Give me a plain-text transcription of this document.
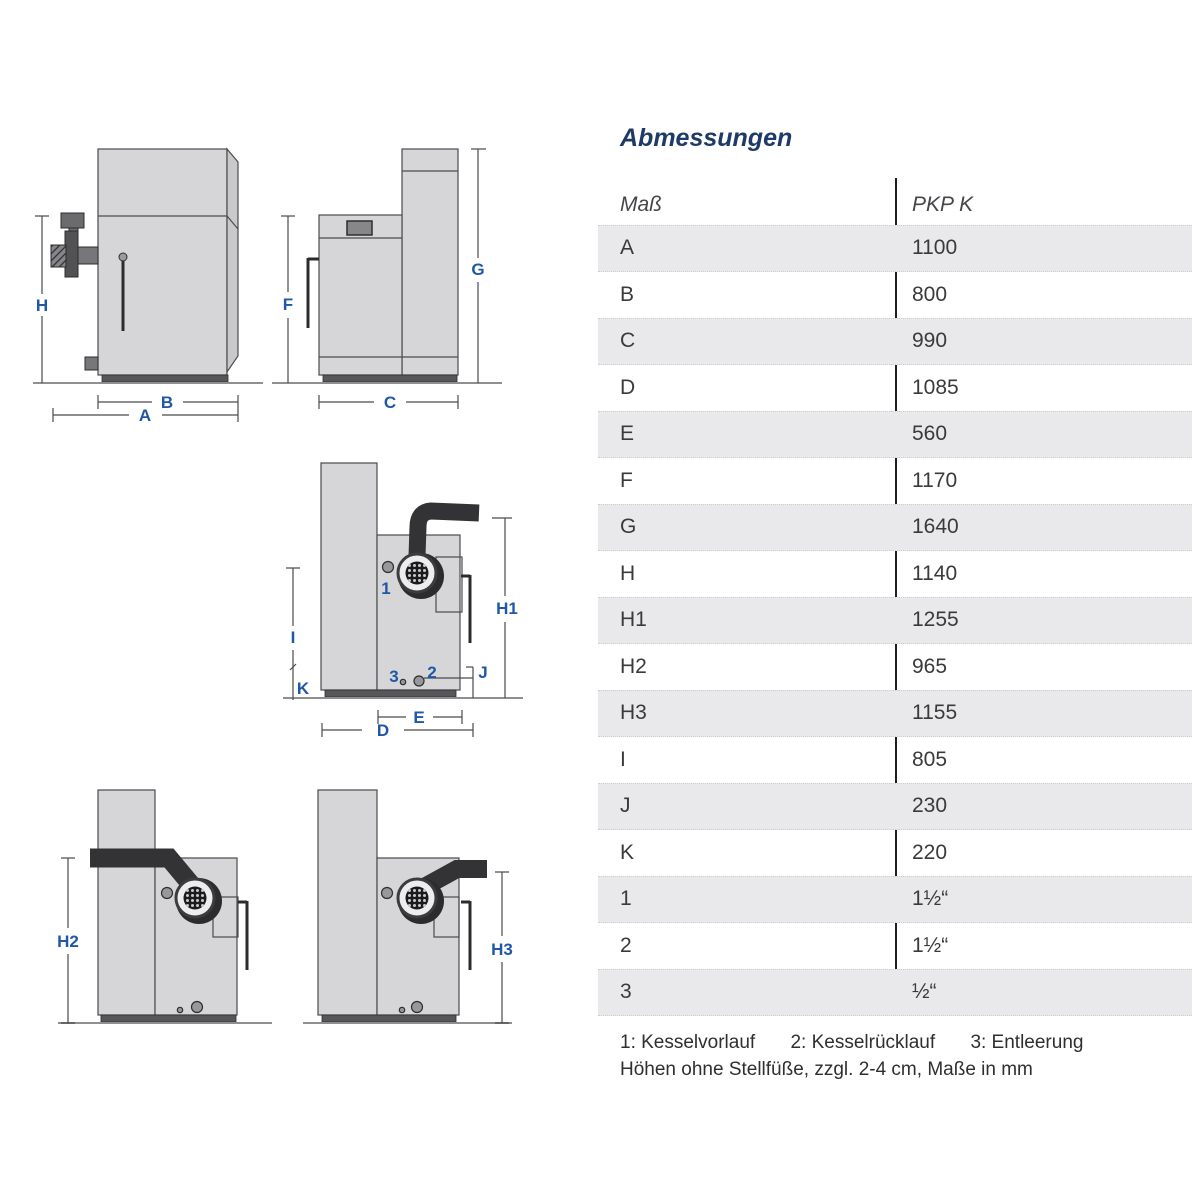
H
B
A
F
G
C
1
2
3
I
K
H1
J
E
D
H2	H3
Abmessungen
Maß	PKP K
A	1100
B	800
C	990
D	1085
E	560
F	1170
G	1640
H	1140
H1	1255
H2	965
H3	1155
I	805
J	230
K	220
1	1½“
2	1½“
3	½“
1: Kesselvorlauf 2: Kesselrücklauf 3: Entleerung
Höhen ohne Stellfüße, zzgl. 2-4 cm, Maße in mm
